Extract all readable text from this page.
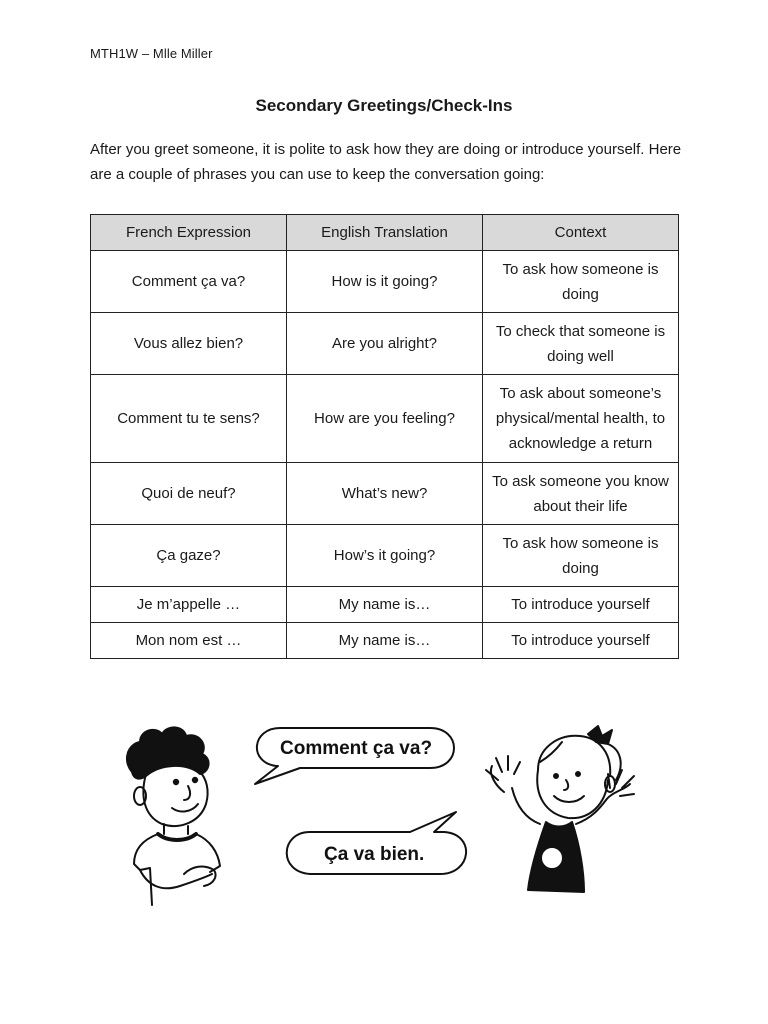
MTH1W – Mlle Miller
Secondary Greetings/Check-Ins
After you greet someone, it is polite to ask how they are doing or introduce yourself. Here are a couple of phrases you can use to keep the conversation going:
French Expression	English Translation	Context
Comment ça va?	How is it going?	To ask how someone is doing
Vous allez bien?	Are you alright?	To check that someone is doing well
Comment tu te sens?	How are you feeling?	To ask about someone’s physical/mental health, to acknowledge a return
Quoi de neuf?	What’s new?	To ask someone you know about their life
Ça gaze?	How’s it going?	To ask how someone is doing
Je m’appelle …	My name is…	To introduce yourself
Mon nom est …	My name is…	To introduce yourself
Comment ça va?
Ça va bien.
